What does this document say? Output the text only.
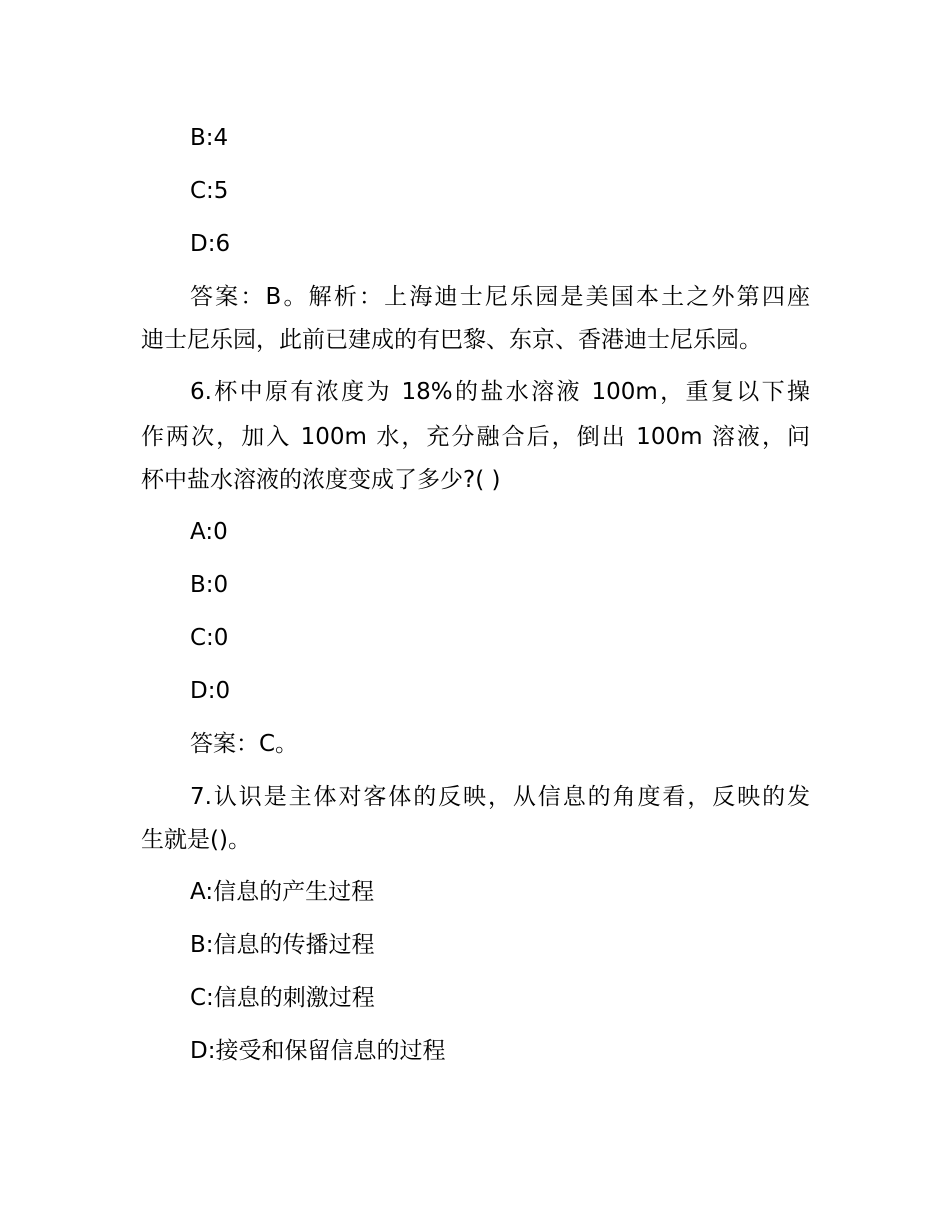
B:4
C:5
D:6
答案：B。解析：上海迪士尼乐园是美国本土之外第四座
迪士尼乐园，此前已建成的有巴黎、东京、香港迪士尼乐园。
6.杯中原有浓度为 18%的盐水溶液 100m，重复以下操
作两次，加入 100m 水，充分融合后，倒出 100m 溶液，问
杯中盐水溶液的浓度变成了多少?( )
A:0
B:0
C:0
D:0
答案：C。
7.认识是主体对客体的反映，从信息的角度看，反映的发
生就是()。
A:信息的产生过程
B:信息的传播过程
C:信息的刺激过程
D:接受和保留信息的过程
